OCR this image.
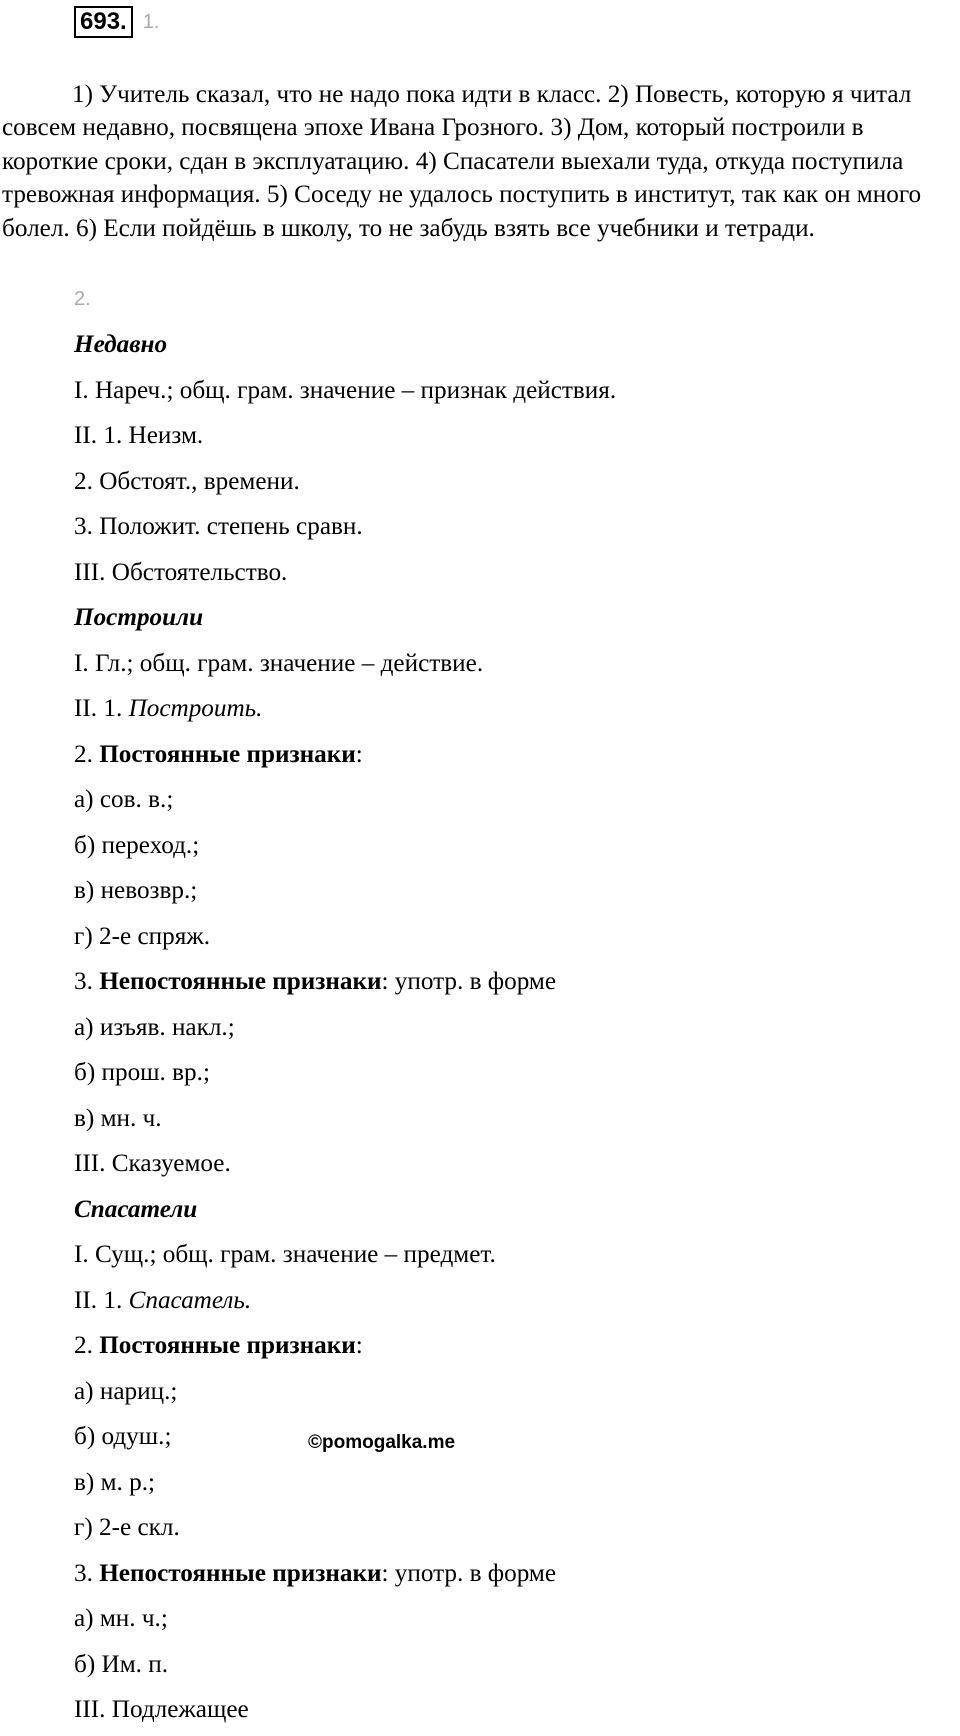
693. 1.

1) Учитель сказал, что не надо пока идти в класс. 2) Повесть, которую я читал совсем недавно, посвящена эпохе Ивана Грозного. 3) Дом, который построили в короткие сроки, сдан в эксплуатацию. 4) Спасатели выехали туда, откуда поступила тревожная информация. 5) Соседу не удалось поступить в институт, так как он много болел. 6) Если пойдёшь в школу, то не забудь взять все учебники и тетради.

2.
Недавно
I. Нареч.; общ. грам. значение – признак действия.
II. 1. Неизм.
2. Обстоят., времени.
3. Положит. степень сравн.
III. Обстоятельство.
Построили
I. Гл.; общ. грам. значение – действие.
II. 1. Построить.
2. Постоянные признаки:
а) сов. в.;
б) переход.;
в) невозвр.;
г) 2-е спряж.
3. Непостоянные признаки: употр. в форме
а) изъяв. накл.;
б) прош. вр.;
в) мн. ч.
III. Сказуемое.
Спасатели
I. Сущ.; общ. грам. значение – предмет.
II. 1. Спасатель.
2. Постоянные признаки:
а) нариц.;
б) одуш.;
в) м. р.;
г) 2-е скл.
3. Непостоянные признаки: употр. в форме
а) мн. ч.;
б) Им. п.
III. Подлежащее
©pomogalka.me
